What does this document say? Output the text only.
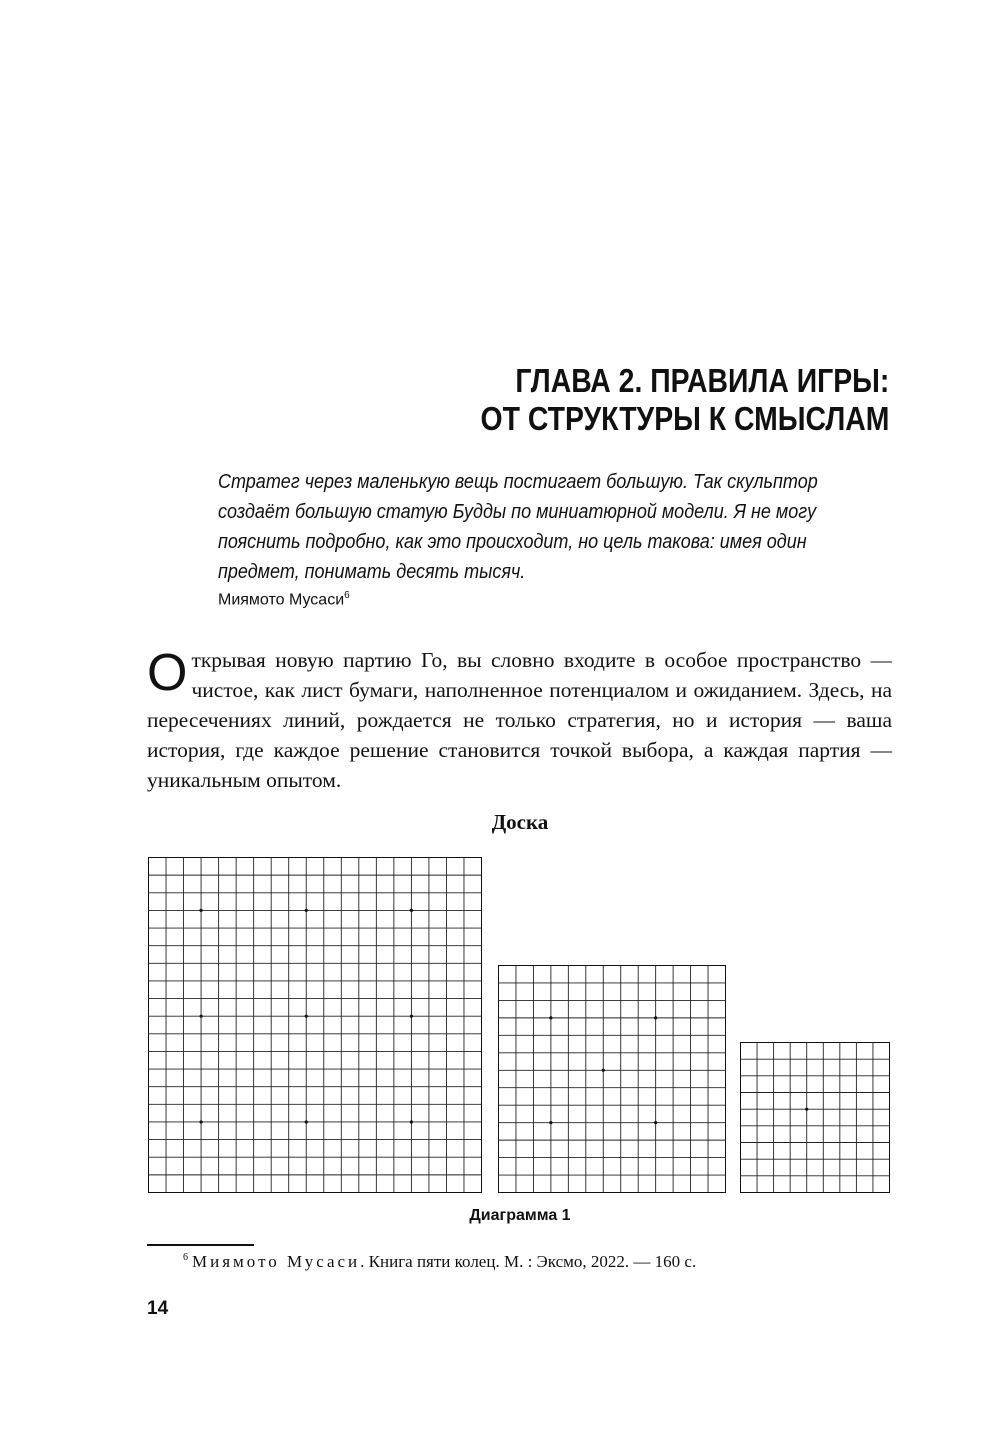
ГЛАВА 2. ПРАВИЛА ИГРЫ:
ОТ СТРУКТУРЫ К СМЫСЛАМ
Стратег через маленькую вещь постигает большую. Так скульптор создаёт большую статую Будды по миниатюрной модели. Я не могу пояснить подробно, как это происходит, но цель такова: имея один предмет, понимать десять тысяч.
Миямото Мусаси$^6$

Открывая новую партию Го, вы словно входите в особое пространство — чистое, как лист бумаги, наполненное потенциалом и ожиданием. Здесь, на пересечениях линий, рождается не только стратегия, но и история — ваша история, где каждое решение становится точкой выбора, а каждая партия — уникальным опытом.

Доска
Диаграмма 1
$^6$ Миямото Мусаси. Книга пяти колец. М. : Эксмо, 2022. — 160 с.
14
